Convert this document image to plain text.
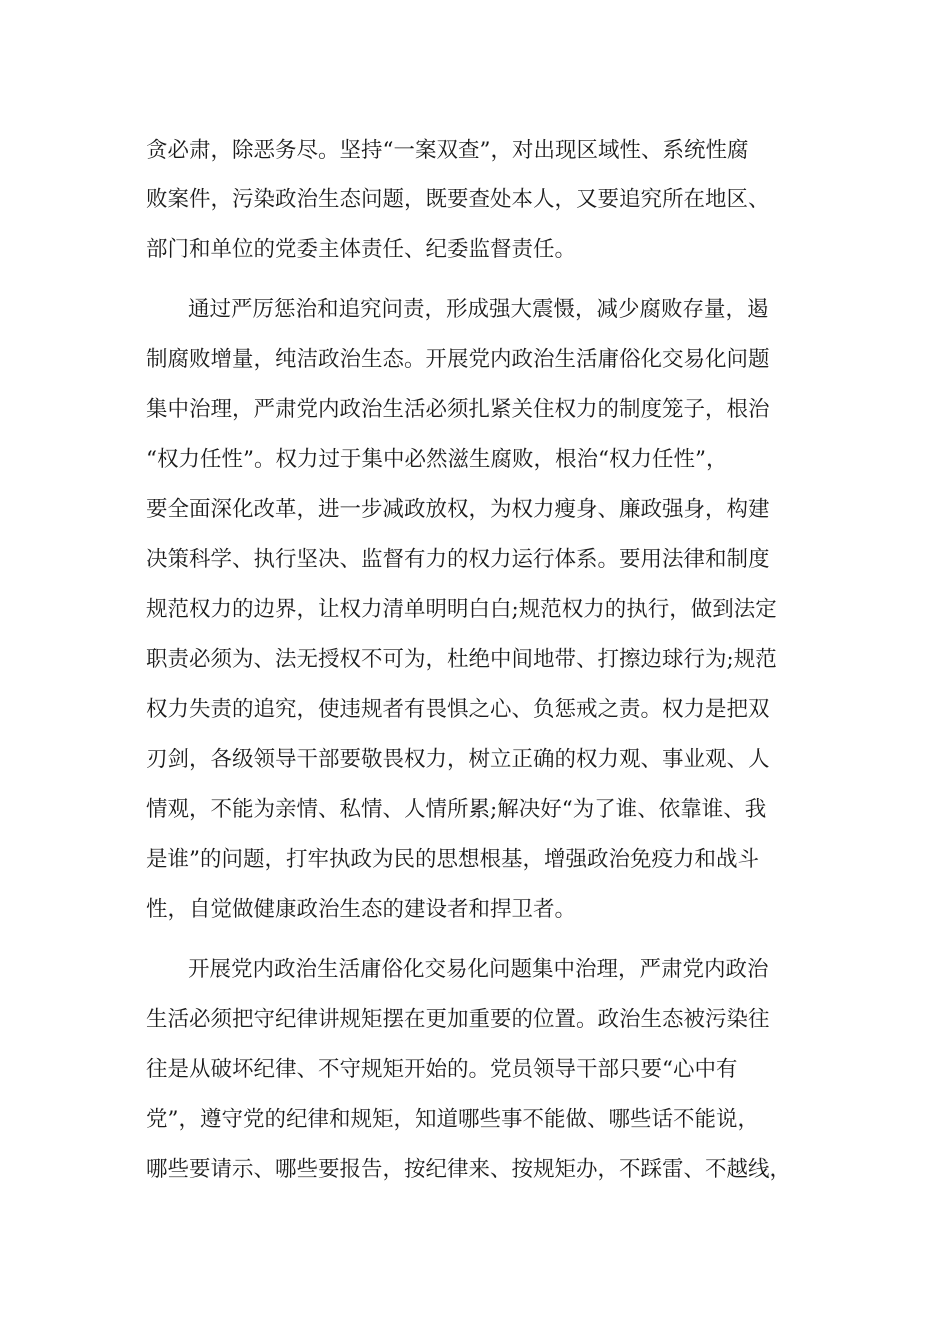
贪必肃，除恶务尽。坚持“一案双查”，对出现区域性、系统性腐
败案件，污染政治生态问题，既要查处本人，又要追究所在地区、
部门和单位的党委主体责任、纪委监督责任。
通过严厉惩治和追究问责，形成强大震慑，减少腐败存量，遏
制腐败增量，纯洁政治生态。开展党内政治生活庸俗化交易化问题
集中治理，严肃党内政治生活必须扎紧关住权力的制度笼子，根治
“权力任性”。权力过于集中必然滋生腐败，根治“权力任性”，
要全面深化改革，进一步减政放权，为权力瘦身、廉政强身，构建
决策科学、执行坚决、监督有力的权力运行体系。要用法律和制度
规范权力的边界，让权力清单明明白白;规范权力的执行，做到法定
职责必须为、法无授权不可为，杜绝中间地带、打擦边球行为;规范
权力失责的追究，使违规者有畏惧之心、负惩戒之责。权力是把双
刃剑，各级领导干部要敬畏权力，树立正确的权力观、事业观、人
情观，不能为亲情、私情、人情所累;解决好“为了谁、依靠谁、我
是谁”的问题，打牢执政为民的思想根基，增强政治免疫力和战斗
性，自觉做健康政治生态的建设者和捍卫者。
开展党内政治生活庸俗化交易化问题集中治理，严肃党内政治
生活必须把守纪律讲规矩摆在更加重要的位置。政治生态被污染往
往是从破坏纪律、不守规矩开始的。党员领导干部只要“心中有
党”，遵守党的纪律和规矩，知道哪些事不能做、哪些话不能说，
哪些要请示、哪些要报告，按纪律来、按规矩办，不踩雷、不越线，
